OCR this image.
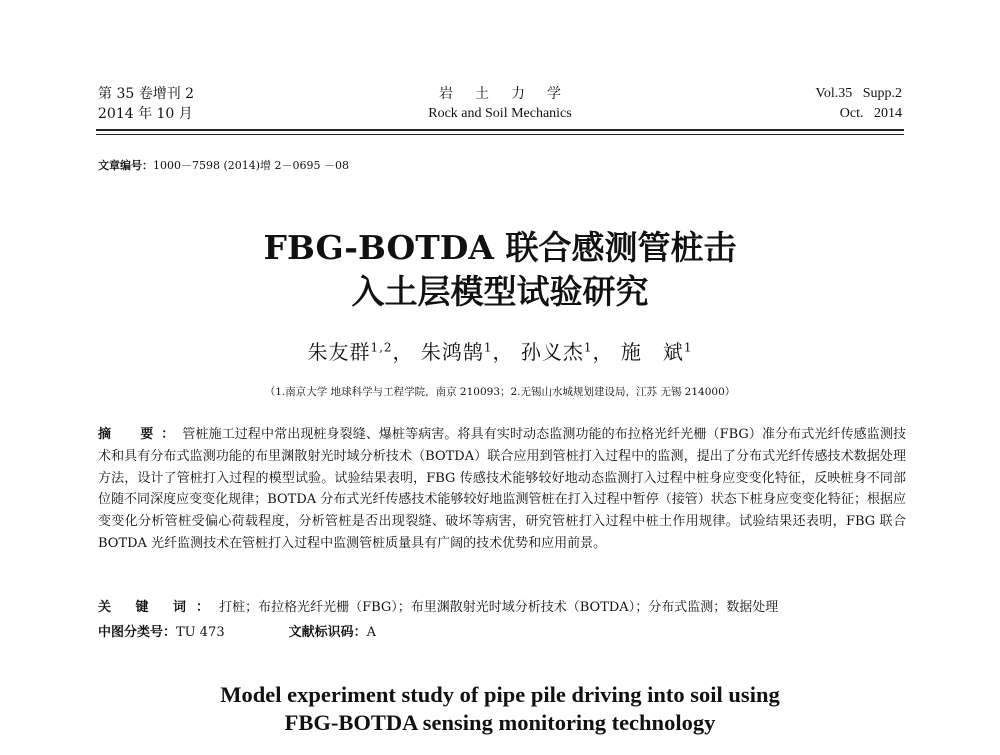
第 35 卷增刊 2
2014 年 10 月
岩土力学
Rock and Soil Mechanics
Vol.35   Supp.2
Oct.   2014
文章编号：1000－7598 (2014)增 2－0695 －08
FBG-BOTDA 联合感测管桩击
入土层模型试验研究
朱友群$^{1,2}$， 朱鸿鹄$^1$， 孙义杰$^1$， 施　斌$^1$
（1.南京大学 地球科学与工程学院，南京 210093；2.无锡山水城规划建设局，江苏 无锡 214000）
摘　要：管桩施工过程中常出现桩身裂缝、爆桩等病害。将具有实时动态监测功能的布拉格光纤光栅（FBG）准分布式光纤传感监测技术和具有分布式监测功能的布里渊散射光时域分析技术（BOTDA）联合应用到管桩打入过程中的监测，提出了分布式光纤传感技术数据处理方法，设计了管桩打入过程的模型试验。试验结果表明，FBG 传感技术能够较好地动态监测打入过程中桩身应变变化特征，反映桩身不同部位随不同深度应变变化规律；BOTDA 分布式光纤传感技术能够较好地监测管桩在打入过程中暂停（接管）状态下桩身应变变化特征；根据应变变化分析管桩受偏心荷载程度，分析管桩是否出现裂缝、破坏等病害，研究管桩打入过程中桩土作用规律。试验结果还表明，FBG 联合 BOTDA 光纤监测技术在管桩打入过程中监测管桩质量具有广阔的技术优势和应用前景。
关 键 词：打桩；布拉格光纤光栅（FBG）；布里渊散射光时域分析技术（BOTDA）；分布式监测；数据处理
中图分类号：TU 473	文献标识码：A
Model experiment study of pipe pile driving into soil using
FBG-BOTDA sensing monitoring technology
